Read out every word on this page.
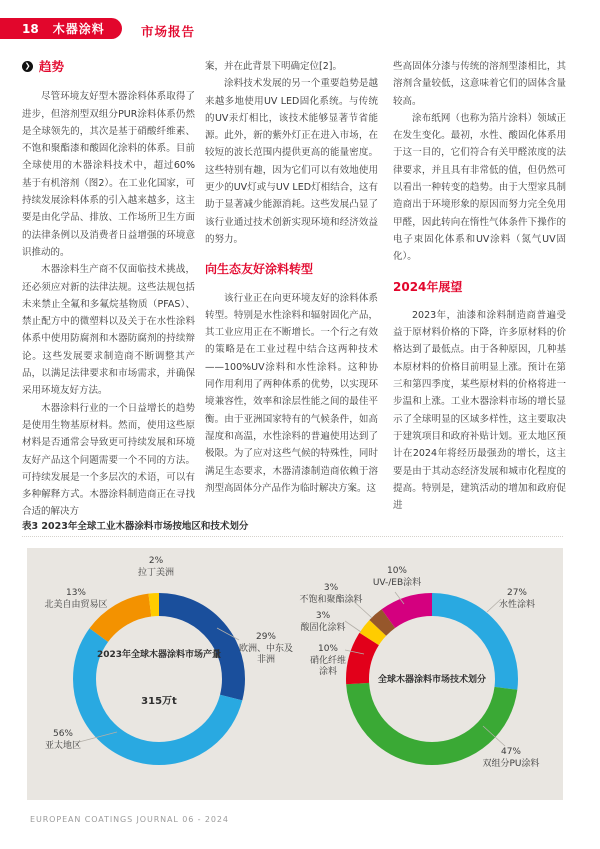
18 木器涂料	市场报告
❯ 趋势

尽管环境友好型木器涂料体系取得了进步，但溶剂型双组分PUR涂料体系仍然是全球领先的，其次是基于硝酸纤维素、不饱和聚酯漆和酸固化涂料的体系。目前全球使用的木器涂料技术中，超过60%基于有机溶剂（图2）。在工业化国家，可持续发展涂料体系的引入越来越多，这主要是由化学品、排放、工作场所卫生方面的法律条例以及消费者日益增强的环境意识推动的。

木器涂料生产商不仅面临技术挑战，还必须应对新的法律法规。这些法规包括未来禁止全氟和多氟烷基物质（PFAS）、禁止配方中的微塑料以及关于在水性涂料体系中使用防腐剂和木器防腐剂的持续辩论。这些发展要求制造商不断调整其产品，以满足法律要求和市场需求，并确保采用环境友好方法。

木器涂料行业的一个日益增长的趋势是使用生物基原材料。然而，使用这些原材料是否通常会导致更可持续发展和环境友好产品这个问题需要一个不同的方法。可持续发展是一个多层次的术语，可以有多种解释方式。木器涂料制造商正在寻找合适的解决方

案，并在此背景下明确定位[2]。

涂料技术发展的另一个重要趋势是越来越多地使用UV LED固化系统。与传统的UV汞灯相比，该技术能够显著节省能源。此外，新的紫外灯正在进入市场，在较短的波长范围内提供更高的能量密度。这些特别有趣，因为它们可以有效地使用更少的UV灯或与UV LED灯相结合，这有助于显著减少能源消耗。这些发展凸显了该行业通过技术创新实现环境和经济效益的努力。

向生态友好涂料转型

该行业正在向更环境友好的涂料体系转型。特别是水性涂料和辐射固化产品，其工业应用正在不断增长。一个行之有效的策略是在工业过程中结合这两种技术——100%UV涂料和水性涂料。这种协同作用利用了两种体系的优势，以实现环境兼容性，效率和涂层性能之间的最佳平衡。由于亚洲国家特有的气候条件，如高湿度和高温，水性涂料的普遍使用达到了极限。为了应对这些气候的特殊性，同时满足生态要求，木器清漆制造商依赖于溶剂型高固体分产品作为临时解决方案。这

些高固体分漆与传统的溶剂型漆相比，其溶剂含量较低，这意味着它们的固体含量较高。

涂布纸网（也称为箔片涂料）领域正在发生变化。最初，水性、酸固化体系用于这一目的，它们符合有关甲醛浓度的法律要求，并且具有非常低的值，但仍然可以看出一种转变的趋势。由于大型家具制造商出于环境形象的原因而努力完全免用甲醛，因此转向在惰性气体条件下操作的电子束固化体系和UV涂料（氮气UV固化）。

2024年展望

2023年，油漆和涂料制造商普遍受益于原材料价格的下降，许多原材料的价格达到了最低点。由于各种原因，几种基本原材料的价格目前明显上涨。预计在第三和第四季度，某些原材料的价格将进一步温和上涨。工业木器涂料市场的增长显示了全球明显的区域多样性，这主要取决于建筑项目和政府补贴计划。亚太地区预计在2024年将经历最强劲的增长，这主要是由于其动态经济发展和城市化程度的提高。特别是，建筑活动的增加和政府促进

表3 2023年全球工业木器涂料市场按地区和技术划分
2%
拉丁美洲
13%
北美自由贸易区
29%
欧洲、中东及非洲
56%
亚太地区
2023年全球木器涂料市场产量
315万t
10%
UV-/EB涂料
3%
不饱和聚酯涂料
3%
酸固化涂料
10%
硝化纤维涂料
27%
水性涂料
47%
双组分PU涂料
全球木器涂料市场技术划分
EUROPEAN COATINGS JOURNAL 06 - 2024
